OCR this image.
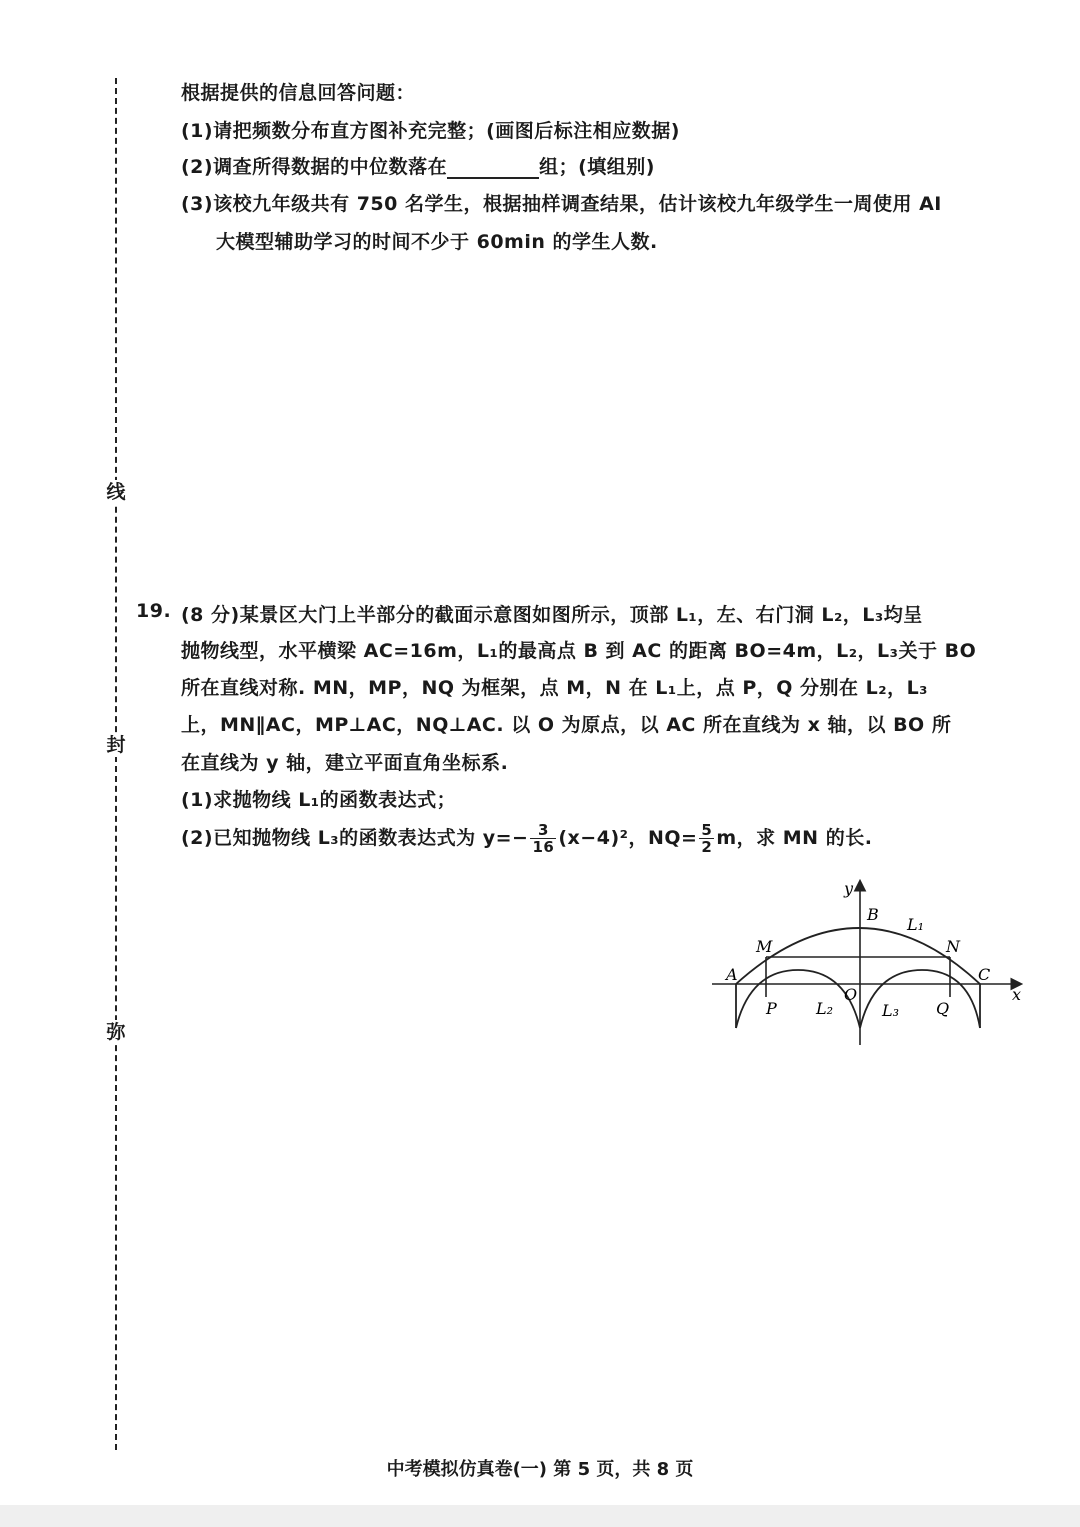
线
封
弥
根据提供的信息回答问题：
(1)请把频数分布直方图补充完整；(画图后标注相应数据)
(2)调查所得数据的中位数落在	组；(填组别)
(3)该校九年级共有 750 名学生，根据抽样调查结果，估计该校九年级学生一周使用 AI
大模型辅助学习的时间不少于 60min 的学生人数.
19. (8 分)某景区大门上半部分的截面示意图如图所示，顶部 L₁，左、右门洞 L₂，L₃均呈
抛物线型，水平横梁 AC=16m，L₁的最高点 B 到 AC 的距离 BO=4m，L₂，L₃关于 BO
所在直线对称. MN，MP，NQ 为框架，点 M，N 在 L₁上，点 P，Q 分别在 L₂，L₃
上，MN∥AC，MP⊥AC，NQ⊥AC. 以 O 为原点，以 AC 所在直线为 x 轴，以 BO 所
在直线为 y 轴，建立平面直角坐标系.
(1)求抛物线 L₁的函数表达式；
(2)已知抛物线 L₃的函数表达式为 $y=- \frac{3}{16} (x-4)^2$，$NQ= \frac{5}{2}$ m，求 MN 的长.
y
x
B
L₁
M	N
A	C
O
P L₂	L₃ Q
中考模拟仿真卷(一) 第 5 页，共 8 页
